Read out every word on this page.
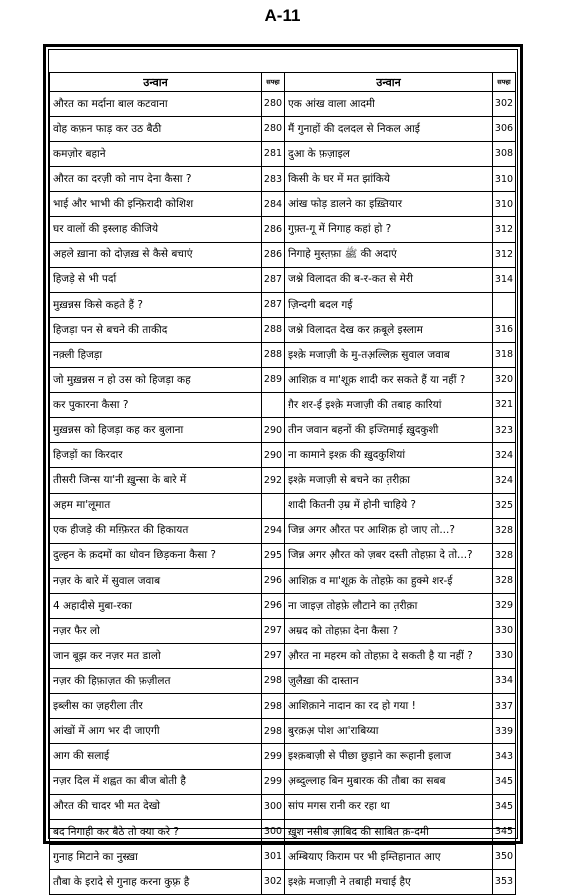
A-11
उन्वान	सफ्हा	उन्वान	सफ्हा
औरत का मर्दाना बाल कटवाना	280	एक आंख वाला आदमी	302
वोह कफ़न फाड़ कर उठ बैठी	280	मैं गुनाहों की दलदल से निकल आई	306
कमज़ोर बहाने	281	दुआ के फ़ज़ाइल	308
औरत का दरज़ी को नाप देना कैसा ?	283	किसी के घर में मत झांकिये	310
भाई और भाभी की इन्फ़िरादी कोशिश	284	आंख फोड़ डालने का इख़्तियार	310
घर वालों की इस्लाह कीजिये	286	गुफ़्त-गू में निगाह कहां हो ?	312
अहले ख़ाना को दोज़ख़ से कैसे बचाएं	286	निगाहे मुस्त़फ़ा ﷺ की अदाएं	312
हिजड़े से भी पर्दा	287	जश्ने विलादत की ब-र-कत से मेरी	314
मुख़न्नस किसे कहते हैं ?	287	ज़िन्दगी बदल गई	
हिजड़ा पन से बचने की ताकीद	288	जश्ने विलादत देख कर क़बूले इस्लाम	316
नक़्ली हिजड़ा	288	इश्क़े मजाज़ी के मु-तअ़ल्लिक़ सुवाल जवाब	318
जो मुख़न्नस न हो उस को हिजड़ा कह	289	आशिक़ व मा'शूक़ शादी कर सकते हैं या नहीं ?	320
कर पुकारना कैसा ?		ग़ैर शर-ई इश्क़े मजाज़ी की तबाह कारियां	321
मुख़न्नस को हिजड़ा कह कर बुलाना	290	तीन जवान बहनों की इज्तिमाई ख़ुदकुशी	323
हिजड़ों का किरदार	290	ना कामाने इश्क़ की ख़ुदकुशियां	324
तीसरी जिन्स या'नी ख़ुन्सा के बारे में	292	इश्क़े मजाज़ी से बचने का त़रीक़ा	324
अहम मा'लूमात		शादी कितनी उ़म्र में होनी चाहिये ?	325
एक हीजड़े की मग़्फ़िरत की हिकायत	294	जिन्न अगर औरत पर आशिक़ हो जाए तो...?	328
दुल्हन के क़दमों का धोवन छिड़कना कैसा ?	295	जिन्न अगर औ़रत को ज़बर दस्ती तोहफ़ा दे तो...?	328
नज़र के बारे में सुवाल जवाब	296	आशिक़ व मा'शूक़ के तोहफ़े का हुक्मे शर-ई	328
4 अहादीसे मुबा-रका	296	ना जाइज़ तोहफ़े लौटाने का त़रीक़ा	329
नज़र फैर लो	297	अम्रद को तोहफ़ा देना कैसा ?	330
जान बूझ कर नज़र मत डालो	297	औ़रत ना महरम को तोहफ़ा दे सकती है या नहीं ?	330
नज़र की हिफ़ाज़त की फ़ज़ीलत	298	ज़ुलैख़ा की दास्तान	334
इब्लीस का ज़हरीला तीर	298	आशिक़ाने नादान का रद हो गया !	337
आंखों में आग भर दी जाएगी	298	बुरक़अ़ पोश आ'राबिय्या	339
आग की सलाई	299	इश्क़बाज़ी से पीछा छुड़ाने का रूहानी इलाज	343
नज़र दिल में शह्वत का बीज बोती है	299	अ़ब्दुल्लाह बिन मुबारक की तौबा का सबब	345
औरत की चादर भी मत देखो	300	सांप मगस रानी कर रहा था	345
बद निगाही कर बैठे तो क्या करे ?	300	ख़ुश नसीब आ़बिद की साबित क़-दमी	345
गुनाह मिटाने का नुस्ख़ा	301	अम्बियाए किराम पर भी इम्तिहानात आए	350
तौबा के इरादे से गुनाह करना कुफ़्र है	302	इश्क़े मजाज़ी ने तबाही मचाई हैए	353
